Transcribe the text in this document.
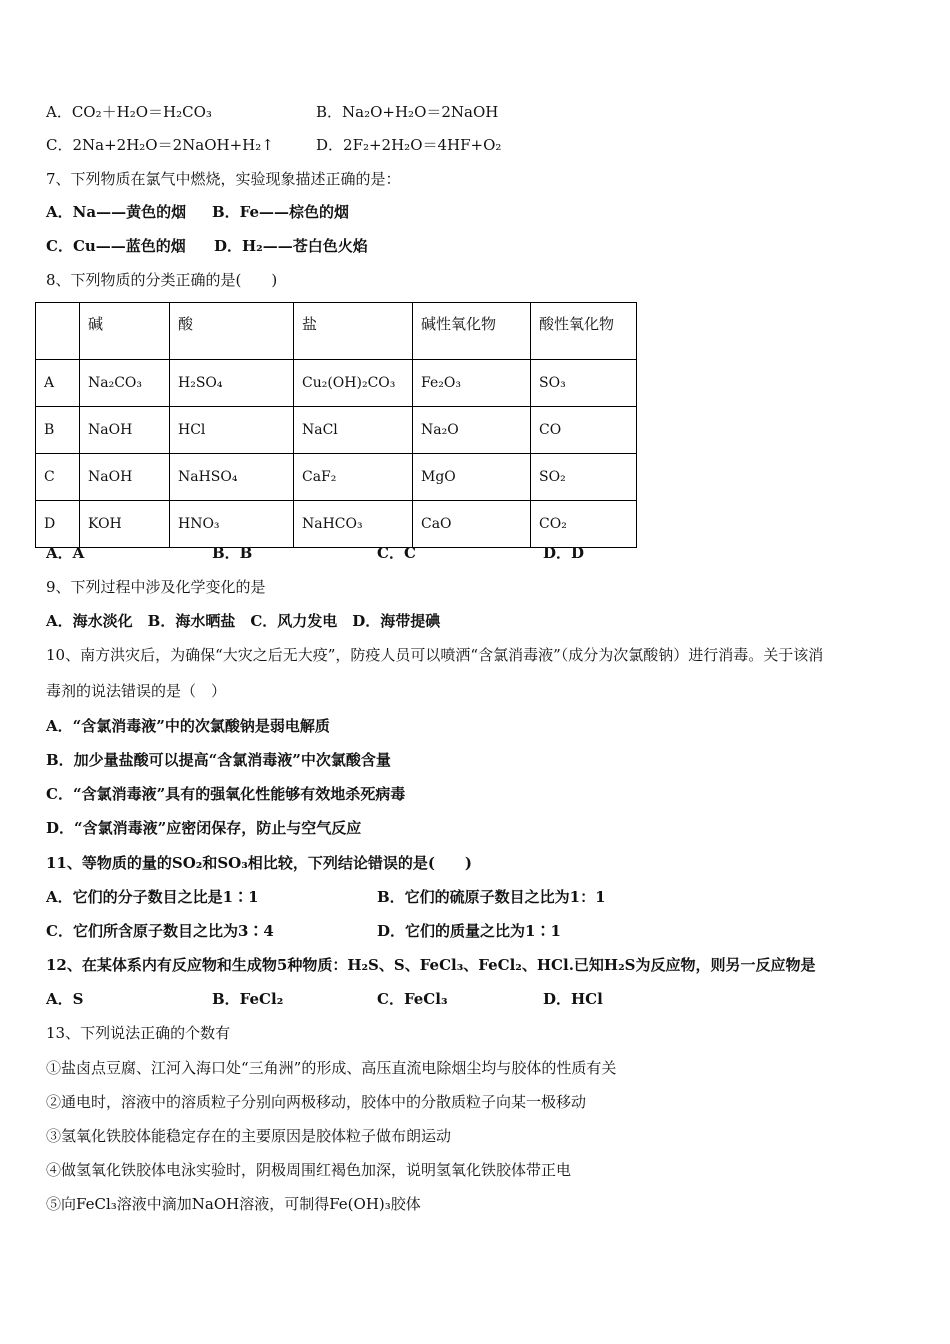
A．CO₂＋H₂O＝H₂CO₃	B．Na₂O+H₂O＝2NaOH
C．2Na+2H₂O＝2NaOH+H₂↑	D．2F₂+2H₂O＝4HF+O₂
7、下列物质在氯气中燃烧，实验现象描述正确的是：
A．Na——黄色的烟 B．Fe——棕色的烟
C．Cu——蓝色的烟 D．H₂——苍白色火焰
8、下列物质的分类正确的是(　　)
	碱	酸	盐	碱性氧化物	酸性氧化物
A	Na₂CO₃	H₂SO₄	Cu₂(OH)₂CO₃	Fe₂O₃	SO₃
B	NaOH	HCl	NaCl	Na₂O	CO
C	NaOH	NaHSO₄	CaF₂	MgO	SO₂
D	KOH	HNO₃	NaHCO₃	CaO	CO₂
A．A	B．B	C．C	D．D
9、下列过程中涉及化学变化的是
A．海水淡化　B．海水晒盐　C．风力发电　D．海带提碘
10、南方洪灾后，为确保“大灾之后无大疫”，防疫人员可以喷洒“含氯消毒液”（成分为次氯酸钠）进行消毒。关于该消
毒剂的说法错误的是（　）
A．“含氯消毒液”中的次氯酸钠是弱电解质
B．加少量盐酸可以提高“含氯消毒液”中次氯酸含量
C．“含氯消毒液”具有的强氧化性能够有效地杀死病毒
D．“含氯消毒液”应密闭保存，防止与空气反应
11、等物质的量的SO₂和SO₃相比较，下列结论错误的是(　　)
A．它们的分子数目之比是1∶1	B．它们的硫原子数目之比为1：1
C．它们所含原子数目之比为3∶4	D．它们的质量之比为1∶1
12、在某体系内有反应物和生成物5种物质：H₂S、S、FeCl₃、FeCl₂、HCl.已知H₂S为反应物，则另一反应物是
A．S	B．FeCl₂	C．FeCl₃	D．HCl
13、下列说法正确的个数有
①盐卤点豆腐、江河入海口处“三角洲”的形成、高压直流电除烟尘均与胶体的性质有关
②通电时，溶液中的溶质粒子分别向两极移动，胶体中的分散质粒子向某一极移动
③氢氧化铁胶体能稳定存在的主要原因是胶体粒子做布朗运动
④做氢氧化铁胶体电泳实验时，阴极周围红褐色加深，说明氢氧化铁胶体带正电
⑤向FeCl₃溶液中滴加NaOH溶液，可制得Fe(OH)₃胶体
